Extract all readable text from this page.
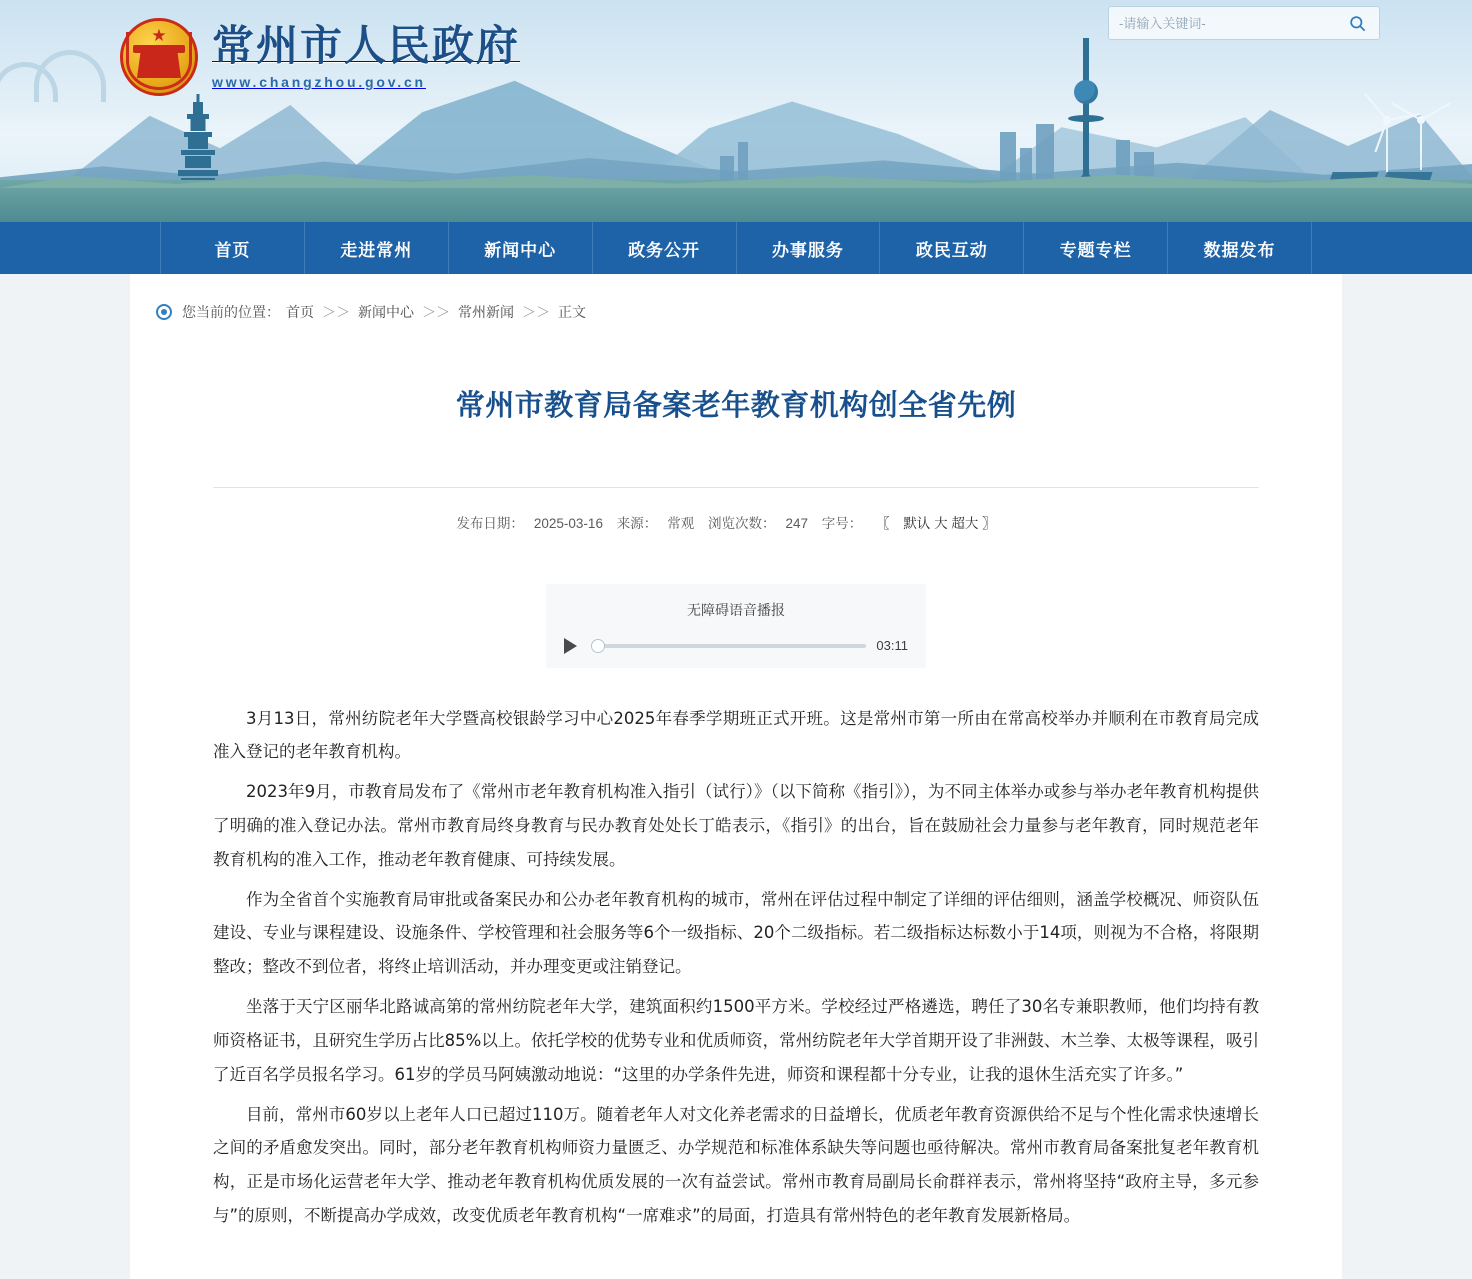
★ 常州市人民政府
www.changzhou.gov.cn
-请输入关键词-
首页	走进常州	新闻中心	政务公开	办事服务	政民互动	专题专栏	数据发布
您当前的位置： 首页 ＞＞ 新闻中心 ＞＞ 常州新闻 ＞＞ 正文
常州市教育局备案老年教育机构创全省先例
发布日期： 2025-03-16 来源： 常观 浏览次数： 247 字号： 〖 默认 大 超大 〗
无障碍语音播报
03:11

3月13日，常州纺院老年大学暨高校银龄学习中心2025年春季学期班正式开班。这是常州市第一所由在常高校举办并顺利在市教育局完成准入登记的老年教育机构。

2023年9月，市教育局发布了《常州市老年教育机构准入指引（试行）》（以下简称《指引》），为不同主体举办或参与举办老年教育机构提供了明确的准入登记办法。常州市教育局终身教育与民办教育处处长丁皓表示，《指引》的出台，旨在鼓励社会力量参与老年教育，同时规范老年教育机构的准入工作，推动老年教育健康、可持续发展。

作为全省首个实施教育局审批或备案民办和公办老年教育机构的城市，常州在评估过程中制定了详细的评估细则，涵盖学校概况、师资队伍建设、专业与课程建设、设施条件、学校管理和社会服务等6个一级指标、20个二级指标。若二级指标达标数小于14项，则视为不合格，将限期整改；整改不到位者，将终止培训活动，并办理变更或注销登记。

坐落于天宁区丽华北路诚高第的常州纺院老年大学，建筑面积约1500平方米。学校经过严格遴选，聘任了30名专兼职教师，他们均持有教师资格证书，且研究生学历占比85%以上。依托学校的优势专业和优质师资，常州纺院老年大学首期开设了非洲鼓、木兰拳、太极等课程，吸引了近百名学员报名学习。61岁的学员马阿姨激动地说：“这里的办学条件先进，师资和课程都十分专业，让我的退休生活充实了许多。”

目前，常州市60岁以上老年人口已超过110万。随着老年人对文化养老需求的日益增长，优质老年教育资源供给不足与个性化需求快速增长之间的矛盾愈发突出。同时，部分老年教育机构师资力量匮乏、办学规范和标准体系缺失等问题也亟待解决。常州市教育局备案批复老年教育机构，正是市场化运营老年大学、推动老年教育机构优质发展的一次有益尝试。常州市教育局副局长俞群祥表示，常州将坚持“政府主导，多元参与”的原则，不断提高办学成效，改变优质老年教育机构“一席难求”的局面，打造具有常州特色的老年教育发展新格局。
